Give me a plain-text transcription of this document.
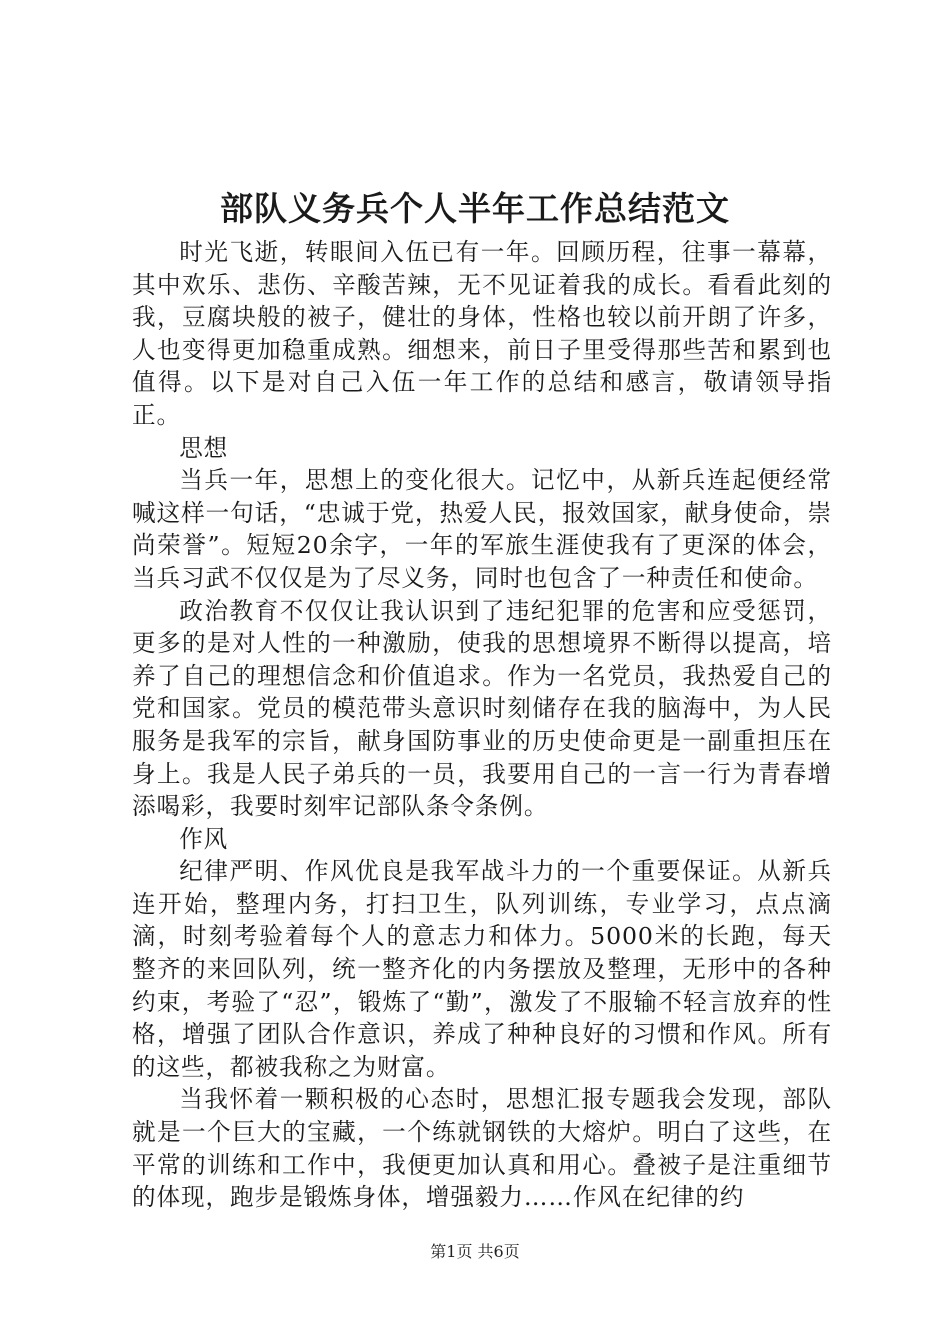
部队义务兵个人半年工作总结范文

时光飞逝，转眼间入伍已有一年。回顾历程，往事一幕幕，其中欢乐、悲伤、辛酸苦辣，无不见证着我的成长。看看此刻的我，豆腐块般的被子，健壮的身体，性格也较以前开朗了许多，人也变得更加稳重成熟。细想来，前日子里受得那些苦和累到也值得。以下是对自己入伍一年工作的总结和感言，敬请领导指正。

思想

当兵一年，思想上的变化很大。记忆中，从新兵连起便经常喊这样一句话，“忠诚于党，热爱人民，报效国家，献身使命，崇尚荣誉”。短短20余字，一年的军旅生涯使我有了更深的体会，当兵习武不仅仅是为了尽义务，同时也包含了一种责任和使命。

政治教育不仅仅让我认识到了违纪犯罪的危害和应受惩罚，更多的是对人性的一种激励，使我的思想境界不断得以提高，培养了自己的理想信念和价值追求。作为一名党员，我热爱自己的党和国家。党员的模范带头意识时刻储存在我的脑海中，为人民服务是我军的宗旨，献身国防事业的历史使命更是一副重担压在身上。我是人民子弟兵的一员，我要用自己的一言一行为青春增添喝彩，我要时刻牢记部队条令条例。

作风

纪律严明、作风优良是我军战斗力的一个重要保证。从新兵连开始，整理内务，打扫卫生，队列训练，专业学习，点点滴滴，时刻考验着每个人的意志力和体力。5000米的长跑，每天整齐的来回队列，统一整齐化的内务摆放及整理，无形中的各种约束，考验了“忍”，锻炼了“勤”，激发了不服输不轻言放弃的性格，增强了团队合作意识，养成了种种良好的习惯和作风。所有的这些，都被我称之为财富。

当我怀着一颗积极的心态时，思想汇报专题我会发现，部队就是一个巨大的宝藏，一个练就钢铁的大熔炉。明白了这些，在平常的训练和工作中，我便更加认真和用心。叠被子是注重细节的体现，跑步是锻炼身体，增强毅力……作风在纪律的约

第1页 共6页
